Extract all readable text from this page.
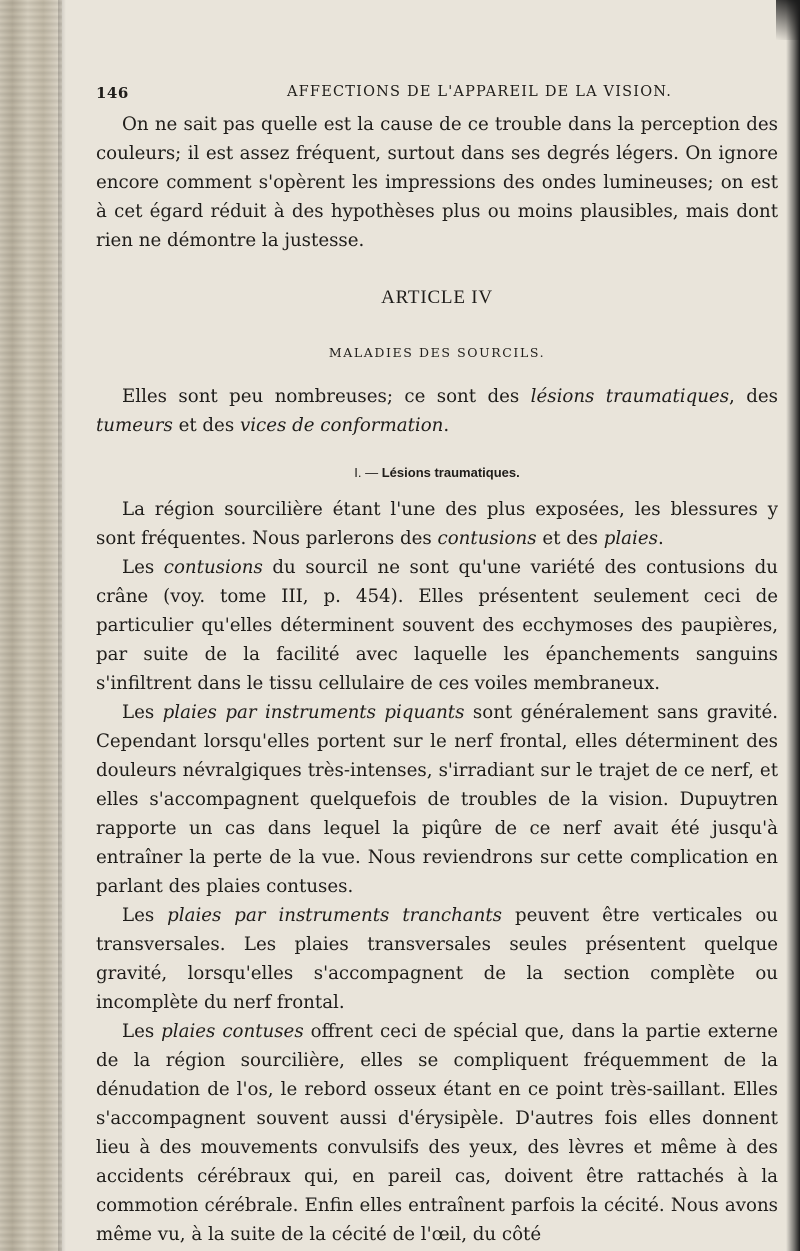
146	AFFECTIONS DE L'APPAREIL DE LA VISION.

On ne sait pas quelle est la cause de ce trouble dans la perception des couleurs; il est assez fréquent, surtout dans ses degrés légers. On ignore encore comment s'opèrent les impressions des ondes lumineuses; on est à cet égard réduit à des hypothèses plus ou moins plausibles, mais dont rien ne démontre la justesse.

ARTICLE IV
MALADIES DES SOURCILS.

Elles sont peu nombreuses; ce sont des lésions traumatiques, des tumeurs et des vices de conformation.

I. — Lésions traumatiques.

La région sourcilière étant l'une des plus exposées, les blessures y sont fréquentes. Nous parlerons des contusions et des plaies.

Les contusions du sourcil ne sont qu'une variété des contusions du crâne (voy. tome III, p. 454). Elles présentent seulement ceci de particulier qu'elles déterminent souvent des ecchymoses des paupières, par suite de la facilité avec laquelle les épanchements sanguins s'infiltrent dans le tissu cellulaire de ces voiles membraneux.

Les plaies par instruments piquants sont généralement sans gravité. Cependant lorsqu'elles portent sur le nerf frontal, elles déterminent des douleurs névralgiques très-intenses, s'irradiant sur le trajet de ce nerf, et elles s'accompagnent quelquefois de troubles de la vision. Dupuytren rapporte un cas dans lequel la piqûre de ce nerf avait été jusqu'à entraîner la perte de la vue. Nous reviendrons sur cette complication en parlant des plaies contuses.

Les plaies par instruments tranchants peuvent être verticales ou transversales. Les plaies transversales seules présentent quelque gravité, lorsqu'elles s'accompagnent de la section complète ou incomplète du nerf frontal.

Les plaies contuses offrent ceci de spécial que, dans la partie externe de la région sourcilière, elles se compliquent fréquemment de la dénudation de l'os, le rebord osseux étant en ce point très-saillant. Elles s'accompagnent souvent aussi d'érysipèle. D'autres fois elles donnent lieu à des mouvements convulsifs des yeux, des lèvres et même à des accidents cérébraux qui, en pareil cas, doivent être rattachés à la commotion cérébrale. Enfin elles entraînent parfois la cécité. Nous avons même vu, à la suite de la cécité de l'œil, du côté
